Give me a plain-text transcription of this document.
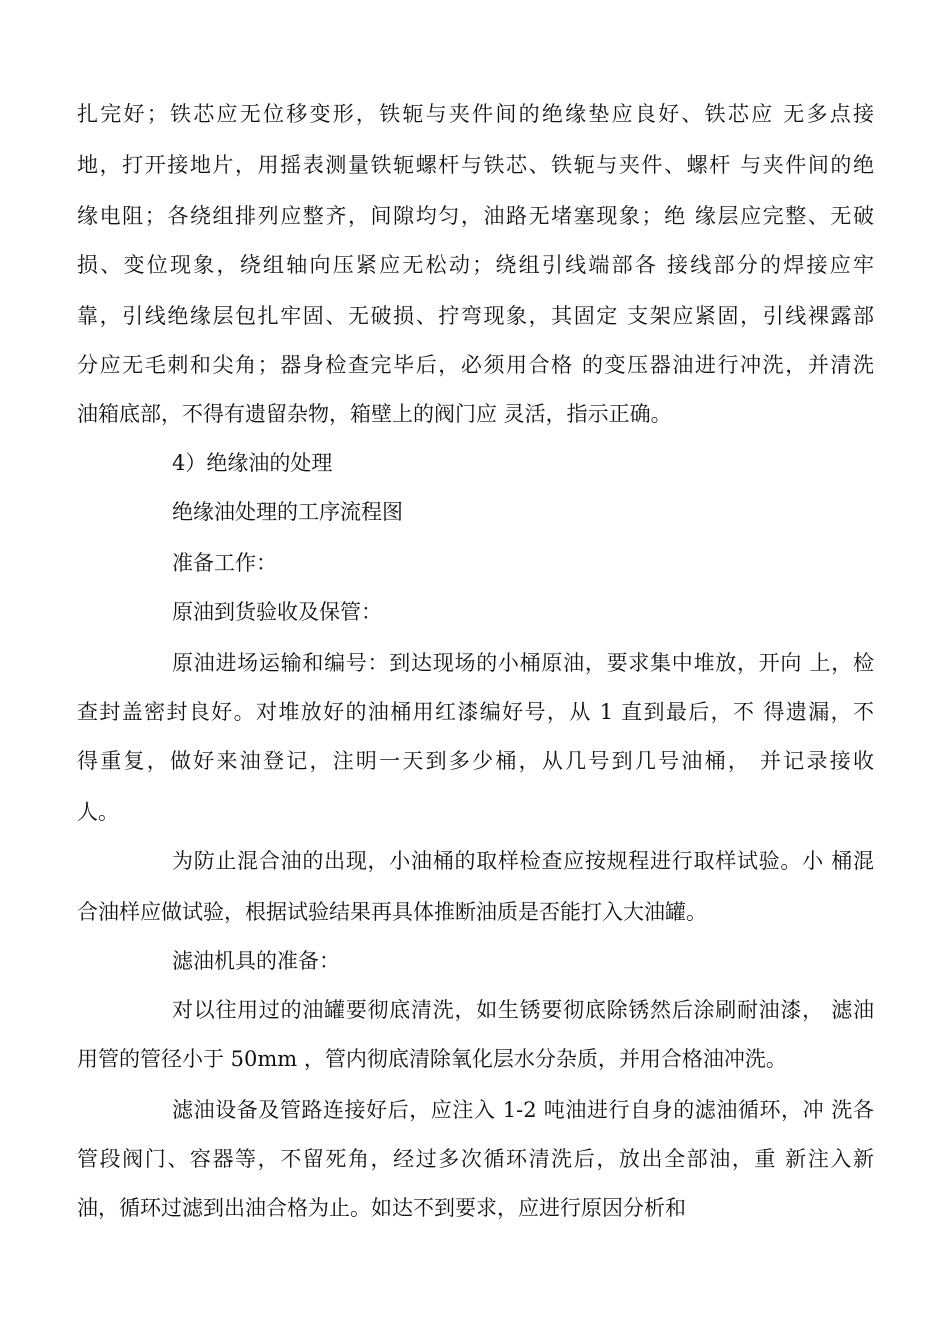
扎完好；铁芯应无位移变形，铁轭与夹件间的绝缘垫应良好、铁芯应 无多点接
地，打开接地片，用摇表测量铁轭螺杆与铁芯、铁轭与夹件、螺杆 与夹件间的绝
缘电阻；各绕组排列应整齐，间隙均匀，油路无堵塞现象；绝 缘层应完整、无破
损、变位现象，绕组轴向压紧应无松动；绕组引线端部各 接线部分的焊接应牢
靠，引线绝缘层包扎牢固、无破损、拧弯现象，其固定 支架应紧固，引线裸露部
分应无毛刺和尖角；器身检查完毕后，必须用合格 的变压器油进行冲洗，并清洗
油箱底部，不得有遗留杂物，箱壁上的阀门应 灵活，指示正确。
4）绝缘油的处理
绝缘油处理的工序流程图
准备工作：
原油到货验收及保管：
原油进场运输和编号：到达现场的小桶原油，要求集中堆放，开向 上，检
查封盖密封良好。对堆放好的油桶用红漆编好号，从 1 直到最后，不 得遗漏，不
得重复，做好来油登记，注明一天到多少桶，从几号到几号油桶， 并记录接收
人。
为防止混合油的出现，小油桶的取样检查应按规程进行取样试验。小 桶混
合油样应做试验，根据试验结果再具体推断油质是否能打入大油罐。
滤油机具的准备：
对以往用过的油罐要彻底清洗，如生锈要彻底除锈然后涂刷耐油漆， 滤油
用管的管径小于 50mm ，管内彻底清除氧化层水分杂质，并用合格油冲洗。
滤油设备及管路连接好后，应注入 1-2 吨油进行自身的滤油循环，冲 洗各
管段阀门、容器等，不留死角，经过多次循环清洗后，放出全部油，重 新注入新
油，循环过滤到出油合格为止。如达不到要求，应进行原因分析和
